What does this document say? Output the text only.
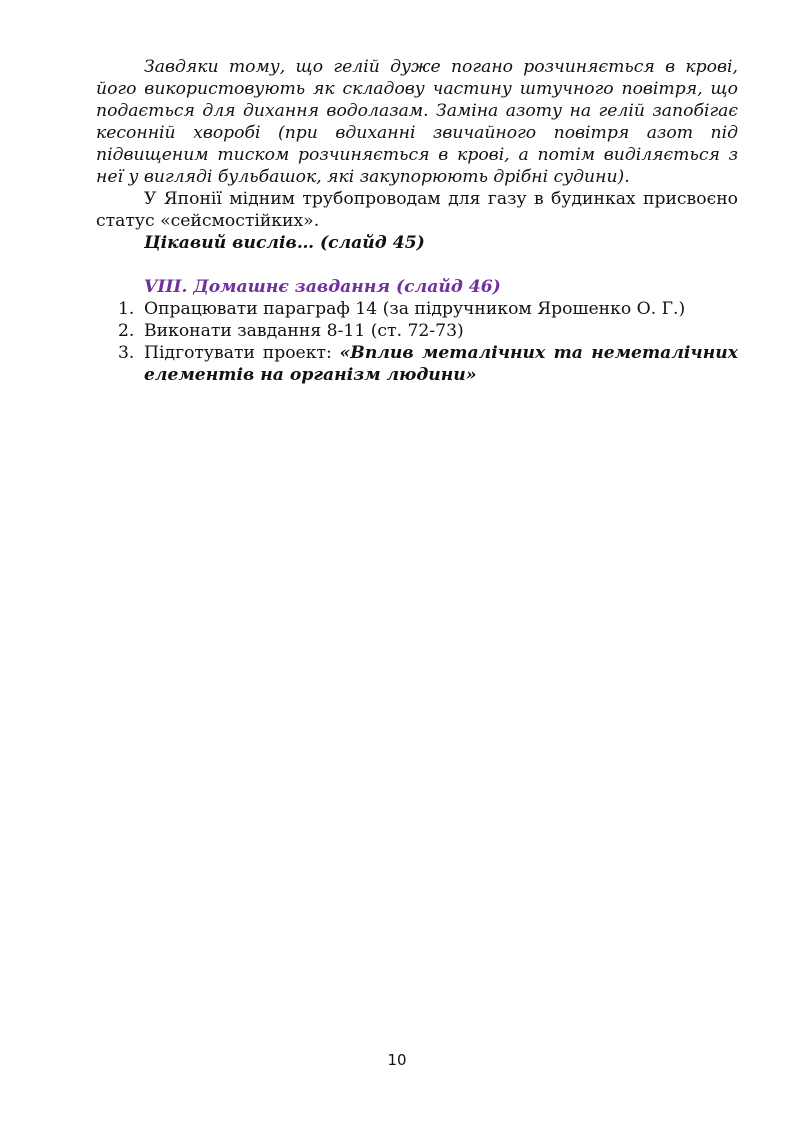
Завдяки тому, що гелій дуже погано розчиняється в крові, його використовують як складову частину штучного повітря, що подається для дихання водолазам. Заміна азоту на гелій запобігає кесонній хворобі (при вдиханні звичайного повітря азот під підвищеним тиском розчиняється в крові, а потім виділяється з неї у вигляді бульбашок, які закупорюють дрібні судини).

У Японії мідним трубопроводам для газу в будинках присвоєно статус «сейсмостійких».

Цікавий вислів… (слайд 45)

VIII. Домашнє завдання (слайд 46)

1. Опрацювати параграф 14 (за підручником Ярошенко О. Г.)
2. Виконати завдання 8-11 (ст. 72-73)
3. Підготувати проект: «Вплив металічних та неметалічних елементів на організм людини»
10
